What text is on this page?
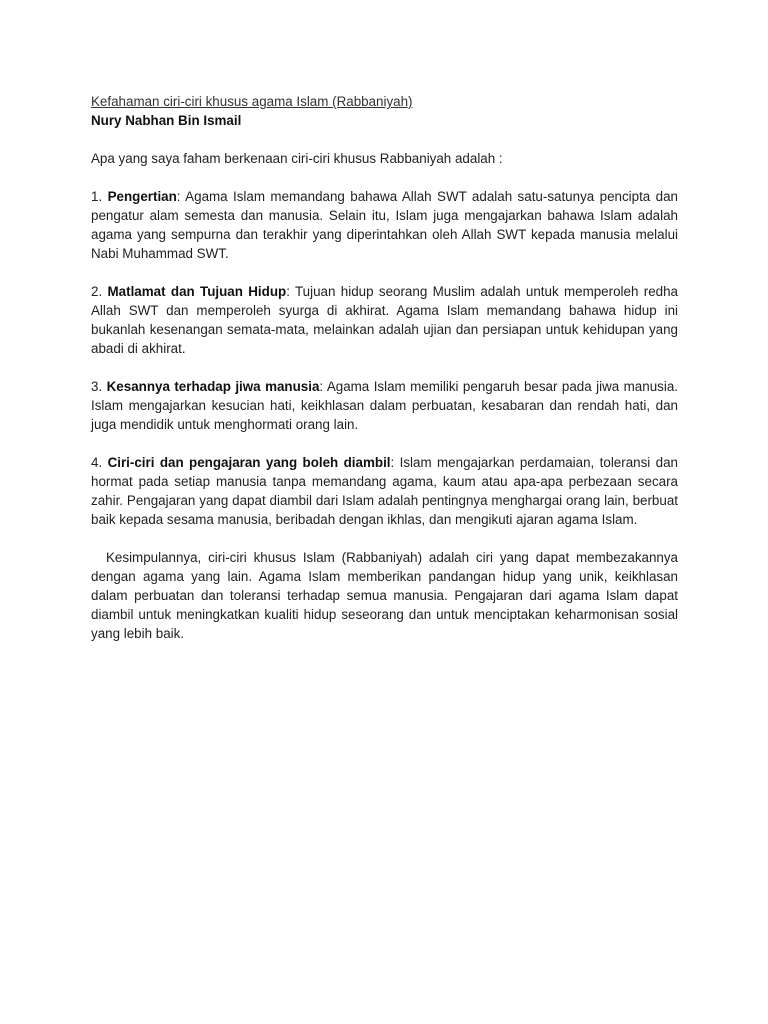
Kefahaman ciri-ciri khusus agama Islam (Rabbaniyah)

Nury Nabhan Bin Ismail

Apa yang saya faham berkenaan ciri-ciri khusus Rabbaniyah adalah :

1. Pengertian: Agama Islam memandang bahawa Allah SWT adalah satu-satunya pencipta dan pengatur alam semesta dan manusia. Selain itu, Islam juga mengajarkan bahawa Islam adalah agama yang sempurna dan terakhir yang diperintahkan oleh Allah SWT kepada manusia melalui Nabi Muhammad SWT.

2. Matlamat dan Tujuan Hidup: Tujuan hidup seorang Muslim adalah untuk memperoleh redha Allah SWT dan memperoleh syurga di akhirat. Agama Islam memandang bahawa hidup ini bukanlah kesenangan semata-mata, melainkan adalah ujian dan persiapan untuk kehidupan yang abadi di akhirat.

3. Kesannya terhadap jiwa manusia: Agama Islam memiliki pengaruh besar pada jiwa manusia. Islam mengajarkan kesucian hati, keikhlasan dalam perbuatan, kesabaran dan rendah hati, dan juga mendidik untuk menghormati orang lain.

4. Ciri-ciri dan pengajaran yang boleh diambil: Islam mengajarkan perdamaian, toleransi dan hormat pada setiap manusia tanpa memandang agama, kaum atau apa-apa perbezaan secara zahir. Pengajaran yang dapat diambil dari Islam adalah pentingnya menghargai orang lain, berbuat baik kepada sesama manusia, beribadah dengan ikhlas, dan mengikuti ajaran agama Islam.

Kesimpulannya, ciri-ciri khusus Islam (Rabbaniyah) adalah ciri yang dapat membezakannya dengan agama yang lain. Agama Islam memberikan pandangan hidup yang unik, keikhlasan dalam perbuatan dan toleransi terhadap semua manusia. Pengajaran dari agama Islam dapat diambil untuk meningkatkan kualiti hidup seseorang dan untuk menciptakan keharmonisan sosial yang lebih baik.
